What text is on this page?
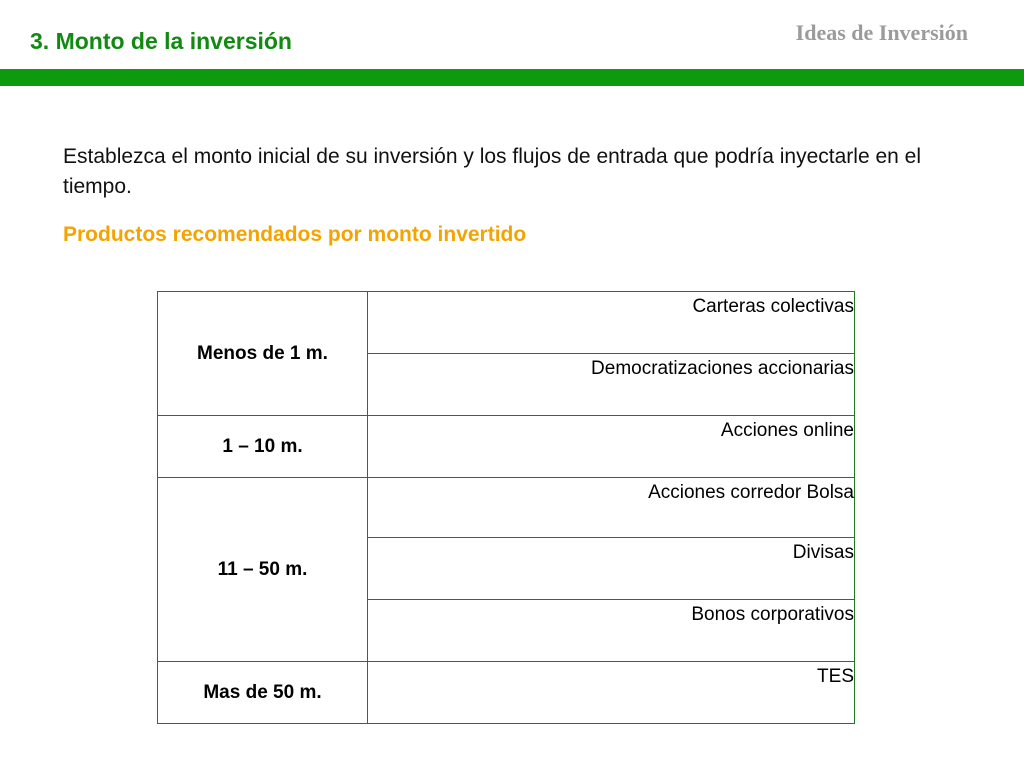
3. Monto de la inversión	Ideas de Inversión

Establezca el monto inicial de su inversión y los flujos de entrada que podría inyectarle en el tiempo.

Productos recomendados por monto invertido
Menos de 1 m.	Carteras colectivas
	Democratizaciones accionarias
1 – 10 m.	Acciones online
11 – 50 m.	Acciones corredor Bolsa
	Divisas
	Bonos corporativos
Mas de 50 m.	TES
